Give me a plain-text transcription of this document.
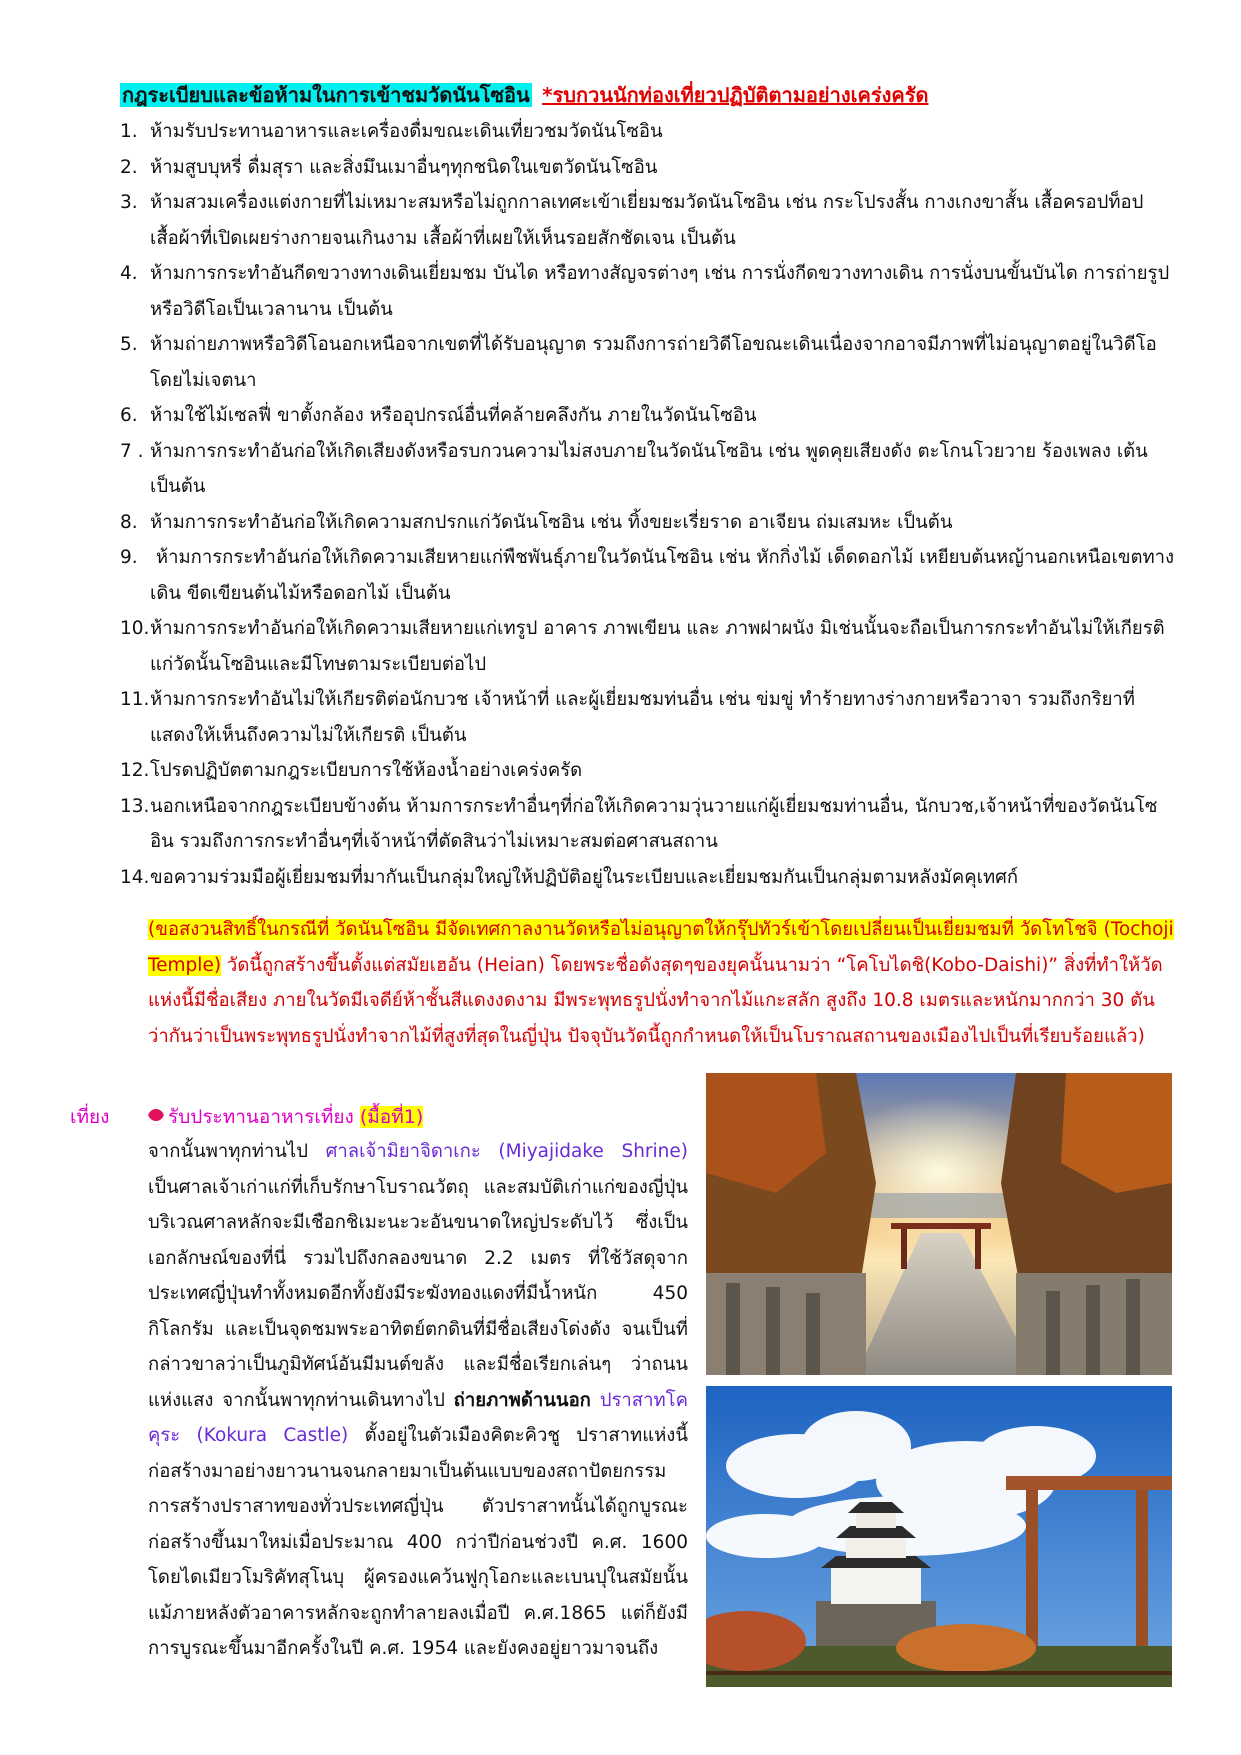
กฎระเบียบและข้อห้ามในการเข้าชมวัดนันโซอิน *รบกวนนักท่องเที่ยวปฏิบัติตามอย่างเคร่งครัด
1. ห้ามรับประทานอาหารและเครื่องดื่มขณะเดินเที่ยวชมวัดนันโซอิน
2. ห้ามสูบบุหรี่ ดื่มสุรา และสิ่งมึนเมาอื่นๆทุกชนิดในเขตวัดนันโซอิน
3. ห้ามสวมเครื่องแต่งกายที่ไม่เหมาะสมหรือไม่ถูกกาลเทศะเข้าเยี่ยมชมวัดนันโซอิน เช่น กระโปรงสั้น กางเกงขาสั้น เสื้อครอปท็อป เสื้อผ้าที่เปิดเผยร่างกายจนเกินงาม เสื้อผ้าที่เผยให้เห็นรอยสักชัดเจน เป็นต้น
4. ห้ามการกระทำอันกีดขวางทางเดินเยี่ยมชม บันได หรือทางสัญจรต่างๆ เช่น การนั่งกีดขวางทางเดิน การนั่งบนขั้นบันได การถ่ายรูปหรือวิดีโอเป็นเวลานาน เป็นต้น
5. ห้ามถ่ายภาพหรือวิดีโอนอกเหนือจากเขตที่ได้รับอนุญาต รวมถึงการถ่ายวิดีโอขณะเดินเนื่องจากอาจมีภาพที่ไม่อนุญาตอยู่ในวิดีโอโดยไม่เจตนา
6. ห้ามใช้ไม้เซลฟี่ ขาตั้งกล้อง หรืออุปกรณ์อื่นที่คล้ายคลึงกัน ภายในวัดนันโซอิน
7 . ห้ามการกระทำอันก่อให้เกิดเสียงดังหรือรบกวนความไม่สงบภายในวัดนันโซอิน เช่น พูดคุยเสียงดัง ตะโกนโวยวาย ร้องเพลง เต้น เป็นต้น
8. ห้ามการกระทำอันก่อให้เกิดความสกปรกแก่วัดนันโซอิน เช่น ทิ้งขยะเรี่ยราด อาเจียน ถ่มเสมหะ เป็นต้น
9. ห้ามการกระทำอันก่อให้เกิดความเสียหายแก่พืชพันธุ์ภายในวัดนันโซอิน เช่น หักกิ่งไม้ เด็ดดอกไม้ เหยียบต้นหญ้านอกเหนือเขตทางเดิน ขีดเขียนต้นไม้หรือดอกไม้ เป็นต้น
10.ห้ามการกระทำอันก่อให้เกิดความเสียหายแก่เทรูป อาคาร ภาพเขียน และ ภาพฝาผนัง มิเช่นนั้นจะถือเป็นการกระทำอันไม่ให้เกียรติแก่วัดนั้นโซอินและมีโทษตามระเบียบต่อไป
11.ห้ามการกระทำอันไม่ให้เกียรติต่อนักบวช เจ้าหน้าที่ และผู้เยี่ยมชมท่นอื่น เช่น ข่มขู่ ทำร้ายทางร่างกายหรือวาจา รวมถึงกริยาที่แสดงให้เห็นถึงความไม่ให้เกียรติ เป็นต้น
12.โปรดปฏิบัตตามกฎระเบียบการใช้ห้องน้ำอย่างเคร่งครัด
13.นอกเหนือจากกฎระเบียบข้างต้น ห้ามการกระทำอื่นๆที่ก่อให้เกิดความวุ่นวายแก่ผู้เยี่ยมชมท่านอื่น, นักบวช,เจ้าหน้าที่ของวัดนันโซอิน รวมถึงการกระทำอื่นๆที่เจ้าหน้าที่ตัดสินว่าไม่เหมาะสมต่อศาสนสถาน
14.ขอความร่วมมือผู้เยี่ยมชมที่มากันเป็นกลุ่มใหญ่ให้ปฏิบัติอยู่ในระเบียบและเยี่ยมชมกันเป็นกลุ่มตามหลังมัคคุเทศก์

(ขอสงวนสิทธิ์ในกรณีที่ วัดนันโซอิน มีจัดเทศกาลงานวัดหรือไม่อนุญาตให้กรุ๊ปทัวร์เข้าโดยเปลี่ยนเป็นเยี่ยมชมที่ วัดโทโชจิ (Tochoji Temple) วัดนี้ถูกสร้างขึ้นตั้งแต่สมัยเฮอัน (Heian) โดยพระชื่อดังสุดๆของยุคนั้นนามว่า “โคโบไดชิ(Kobo-Daishi)” สิ่งที่ทำให้วัดแห่งนี้มีชื่อเสียง ภายในวัดมีเจดีย์ห้าชั้นสีแดงงดงาม มีพระพุทธรูปนั่งทำจากไม้แกะสลัก สูงถึง 10.8 เมตรและหนักมากกว่า 30 ตัน ว่ากันว่าเป็นพระพุทธรูปนั่งทำจากไม้ที่สูงที่สุดในญี่ปุ่น ปัจจุบันวัดนี้ถูกกำหนดให้เป็นโบราณสถานของเมืองไปเป็นที่เรียบร้อยแล้ว)

เที่ยง	รับประทานอาหารเที่ยง (มื้อที่1)

จากนั้นพาทุกท่านไป ศาลเจ้ามิยาจิดาเกะ (Miyajidake Shrine) เป็นศาลเจ้าเก่าแก่ที่เก็บรักษาโบราณวัตถุ และสมบัติเก่าแก่ของญี่ปุ่น บริเวณศาลหลักจะมีเชือกชิเมะนะวะอันขนาดใหญ่ประดับไว้ ซึ่งเป็นเอกลักษณ์ของที่นี่ รวมไปถึงกลองขนาด 2.2 เมตร ที่ใช้วัสดุจากประเทศญี่ปุ่นทำทั้งหมดอีกทั้งยังมีระฆังทองแดงที่มีน้ำหนัก 450 กิโลกรัม และเป็นจุดชมพระอาทิตย์ตกดินที่มีชื่อเสียงโด่งดัง จนเป็นที่กล่าวขาลว่าเป็นภูมิทัศน์อันมีมนต์ขลัง และมีชื่อเรียกเล่นๆ ว่าถนนแห่งแสง จากนั้นพาทุกท่านเดินทางไป ถ่ายภาพด้านนอก ปราสาทโคคุระ (Kokura Castle) ตั้งอยู่ในตัวเมืองคิตะคิวชู ปราสาทแห่งนี้ก่อสร้างมาอย่างยาวนานจนกลายมาเป็นต้นแบบของสถาปัตยกรรมการสร้างปราสาทของทั่วประเทศญี่ปุ่น ตัวปราสาทนั้นได้ถูกบูรณะก่อสร้างขึ้นมาใหม่เมื่อประมาณ 400 กว่าปีก่อนช่วงปี ค.ศ. 1600 โดยไดเมียวโมริคัทสุโนบุ ผู้ครองแคว้นฟูกุโอกะและเบนปุในสมัยนั้น แม้ภายหลังตัวอาคารหลักจะถูกทำลายลงเมื่อปี ค.ศ.1865 แต่ก็ยังมีการบูรณะขึ้นมาอีกครั้งในปี ค.ศ. 1954 และยังคงอยู่ยาวมาจนถึง
